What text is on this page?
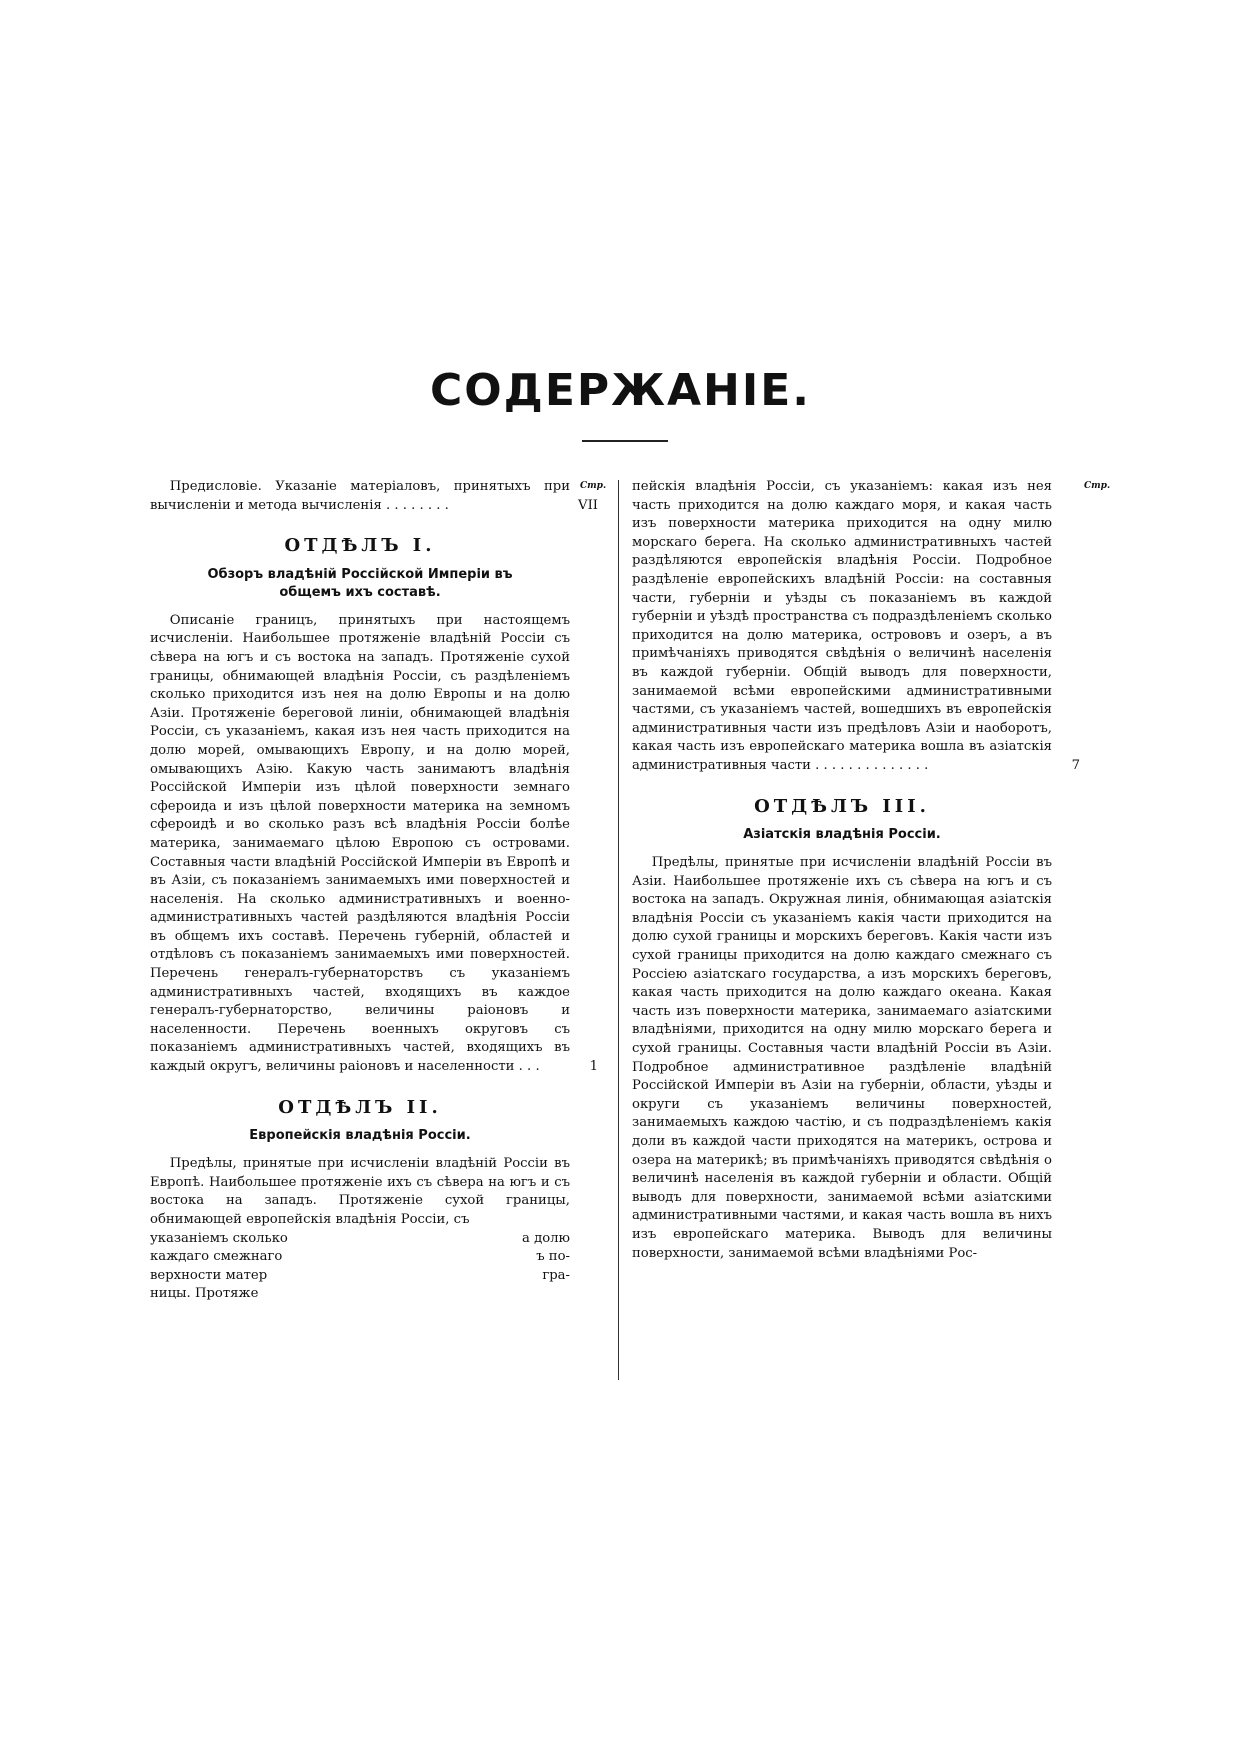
СОДЕРЖАНІЕ.
Стр.	Стр.

Предисловіе. Указаніе матеріаловъ, принятыхъ при вычисленіи и метода вычисленія . . . . . . . .	VII

ОТДѢЛЪ I.
Обзоръ владѣній Россійской Имперіи въ общемъ ихъ составѣ.

Описаніе границъ, принятыхъ при настоящемъ исчисленіи. Наибольшее протяженіе владѣній Россіи съ сѣвера на югъ и съ востока на западъ. Протяженіе сухой границы, обнимающей владѣнія Россіи, съ раздѣленіемъ сколько приходится изъ нея на долю Европы и на долю Азіи. Протяженіе береговой линіи, обнимающей владѣнія Россіи, съ указаніемъ, какая изъ нея часть приходится на долю морей, омывающихъ Европу, и на долю морей, омывающихъ Азію. Какую часть занимаютъ владѣнія Россійской Имперіи изъ цѣлой поверхности земнаго сфероида и изъ цѣлой поверхности материка на земномъ сфероидѣ и во сколько разъ всѣ владѣнія Россіи болѣе материка, занимаемаго цѣлою Европою съ островами. Составныя части владѣній Россійской Имперіи въ Европѣ и въ Азіи, съ показаніемъ занимаемыхъ ими поверхностей и населенія. На сколько административныхъ и военно-административныхъ частей раздѣляются владѣнія Россіи въ общемъ ихъ составѣ. Перечень губерній, областей и отдѣловъ съ показаніемъ занимаемыхъ ими поверхностей. Перечень генералъ-губернаторствъ съ указаніемъ административныхъ частей, входящихъ въ каждое генералъ-губернаторство, величины раіоновъ и населенности. Перечень военныхъ округовъ съ показаніемъ административныхъ частей, входящихъ въ каждый округъ, величины раіоновъ и населенности . . .	1

ОТДѢЛЪ II.
Европейскія владѣнія Россіи.

Предѣлы, принятые при исчисленіи владѣній Россіи въ Европѣ. Наибольшее протяженіе ихъ съ сѣвера на югъ и съ востока на западъ. Протяженіе сухой границы, обнимающей европейскія владѣнія Россіи, съ

указаніемъ сколько	а долю
каждаго смежнаго	ъ по-
верхности матер	гра-
ницы. Протяже

пейскія владѣнія Россіи, съ указаніемъ: какая изъ нея часть приходится на долю каждаго моря, и какая часть изъ поверхности материка приходится на одну милю морскаго берега. На сколько административныхъ частей раздѣляются европейскія владѣнія Россіи. Подробное раздѣленіе европейскихъ владѣній Россіи: на составныя части, губерніи и уѣзды съ показаніемъ въ каждой губерніи и уѣздѣ пространства съ подраздѣленіемъ сколько приходится на долю материка, острововъ и озеръ, а въ примѣчаніяхъ приводятся свѣдѣнія о величинѣ населенія въ каждой губерніи. Общій выводъ для поверхности, занимаемой всѣми европейскими административными частями, съ указаніемъ частей, вошедшихъ въ европейскія административныя части изъ предѣловъ Азіи и наоборотъ, какая часть изъ европейскаго материка вошла въ азіатскія административныя части . . . . . . . . . . . . . .	7

ОТДѢЛЪ III.
Азіатскія владѣнія Россіи.

Предѣлы, принятые при исчисленіи владѣній Россіи въ Азіи. Наибольшее протяженіе ихъ съ сѣвера на югъ и съ востока на западъ. Окружная линія, обнимающая азіатскія владѣнія Россіи съ указаніемъ какія части приходится на долю сухой границы и морскихъ береговъ. Какія части изъ сухой границы приходится на долю каждаго смежнаго съ Россіею азіатскаго государства, а изъ морскихъ береговъ, какая часть приходится на долю каждаго океана. Какая часть изъ поверхности материка, занимаемаго азіатскими владѣніями, приходится на одну милю морскаго берега и сухой границы. Составныя части владѣній Россіи въ Азіи. Подробное административное раздѣленіе владѣній Россійской Имперіи въ Азіи на губерніи, области, уѣзды и округи съ указаніемъ величины поверхностей, занимаемыхъ каждою частію, и съ подраздѣленіемъ какія доли въ каждой части приходятся на материкъ, острова и озера на материкѣ; въ примѣчаніяхъ приводятся свѣдѣнія о величинѣ населенія въ каждой губерніи и области. Общій выводъ для поверхности, занимаемой всѣми азіатскими административными частями, и какая часть вошла въ нихъ изъ европейскаго материка. Выводъ для величины поверхности, занимаемой всѣми владѣніями Рос-
